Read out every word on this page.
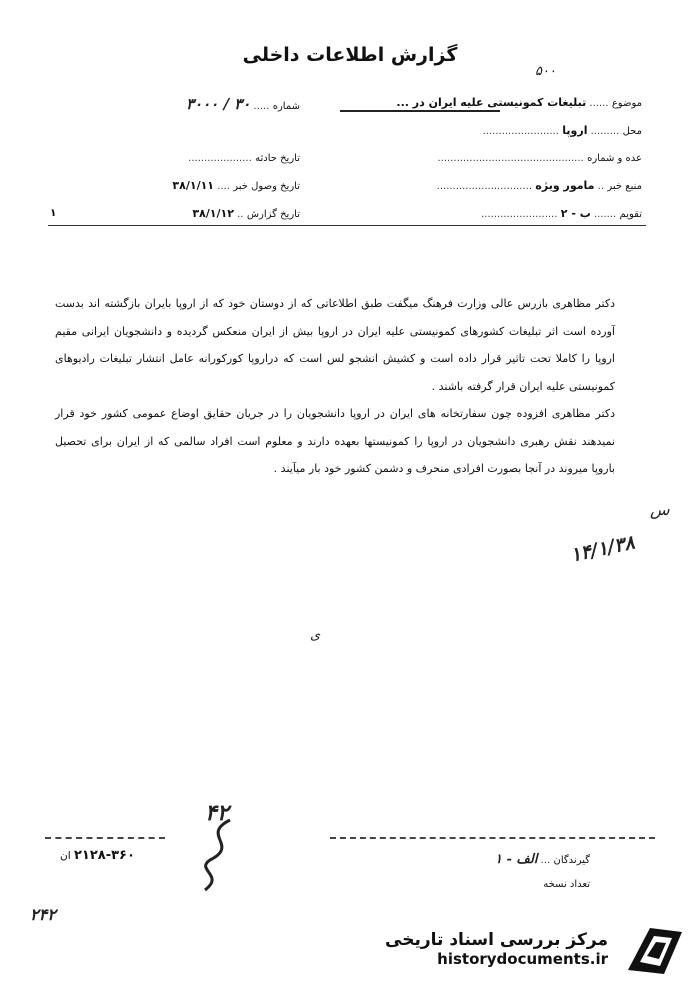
گزارش اطلاعات داخلی
۵۰۰
موضوع ...... تبلیغات کمونیستی علیه ایران در ...
محل ......... اروپا ........................
عده و شماره ..............................................
منبع خبر .. مامور ویژه ..............................
تقویم ....... ب - ۲ ........................
شماره ..... ۳۰ / ۳۰۰۰
تاریخ حادثه ....................
تاریخ وصول خبر .... ۳۸/۱/۱۱
تاریخ گزارش .. ۳۸/۱/۱۲
۱

دکتر مظاهری بازرس عالی وزارت فرهنگ میگفت طبق اطلاعاتی که از دوستان خود که از اروپا بایران بازگشته اند بدست آورده است اثر تبلیغات کشورهای کمونیستی علیه ایران در اروپا بیش از ایران منعکس گردیده و دانشجویان ایرانی مقیم اروپا را کاملا تحت تاثیر قرار داده است و کشیش انشجو لس است که دراروپا کورکورانه عامل انتشار تبلیغات رادیوهای کمونیستی علیه ایران قرار گرفته باشند .

دکتر مظاهری افزوده چون سفارتخانه های ایران در اروپا دانشجویان را در جریان حقایق اوضاع عمومی کشور خود قرار نمیدهند نقش رهبری دانشجویان در اروپا را کمونیستها بعهده دارند و معلوم است افراد سالمی که از ایران برای تحصیل باروپا میروند در آنجا بصورت افرادی منحرف و دشمن کشور خود بار میآیند .

س
۱۴/۱/۳۸
ی
۴۲
۲۱۲۸-۳۶۰ ان	گیرندگان ... الف - ۱
تعداد نسخه
۲۴۲
مرکز بررسی اسناد تاریخی
historydocuments.ir
